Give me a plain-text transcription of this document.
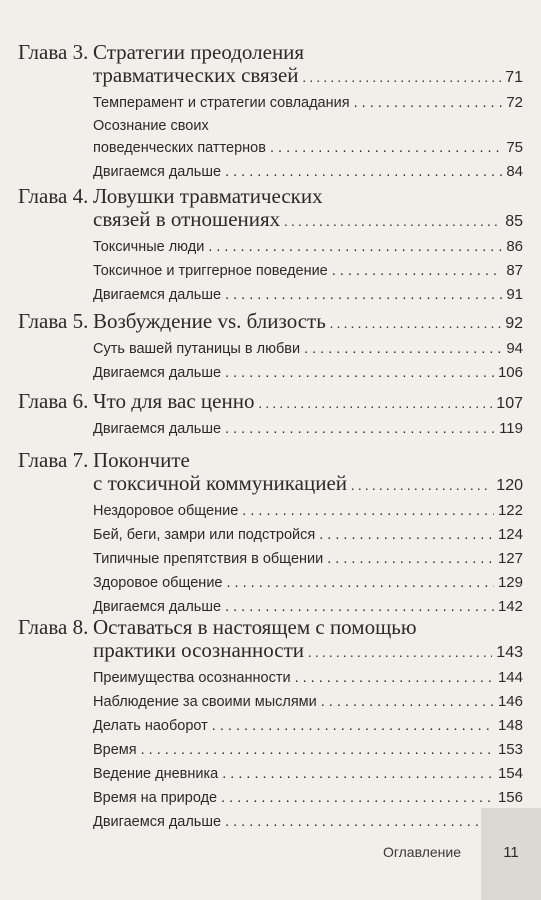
Глава 3. Стратегии преодоления
травматических связей . . .	71
Темперамент и стратегии совладания . . .	72
Осознание своих
поведенческих паттернов . . .	75
Двигаемся дальше . . .	84
Глава 4. Ловушки травматических
связей в отношениях . . .	85
Токсичные люди . . .	86
Токсичное и триггерное поведение . . .	87
Двигаемся дальше . . .	91
Глава 5. Возбуждение vs. близость . . .	92
Суть вашей путаницы в любви . . .	94
Двигаемся дальше . . .	106
Глава 6. Что для вас ценно . . .	107
Двигаемся дальше . . .	119
Глава 7. Покончите
с токсичной коммуникацией . . .	120
Нездоровое общение . . .	122
Бей, беги, замри или подстройся . . .	124
Типичные препятствия в общении . . .	127
Здоровое общение . . .	129
Двигаемся дальше . . .	142
Глава 8. Оставаться в настоящем с помощью
практики осознанности . . .	143
Преимущества осознанности . . .	144
Наблюдение за своими мыслями . . .	146
Делать наоборот . . .	148
Время . . .	153
Ведение дневника . . .	154
Время на природе . . .	156
Двигаемся дальше
. . .
Оглавление	11
